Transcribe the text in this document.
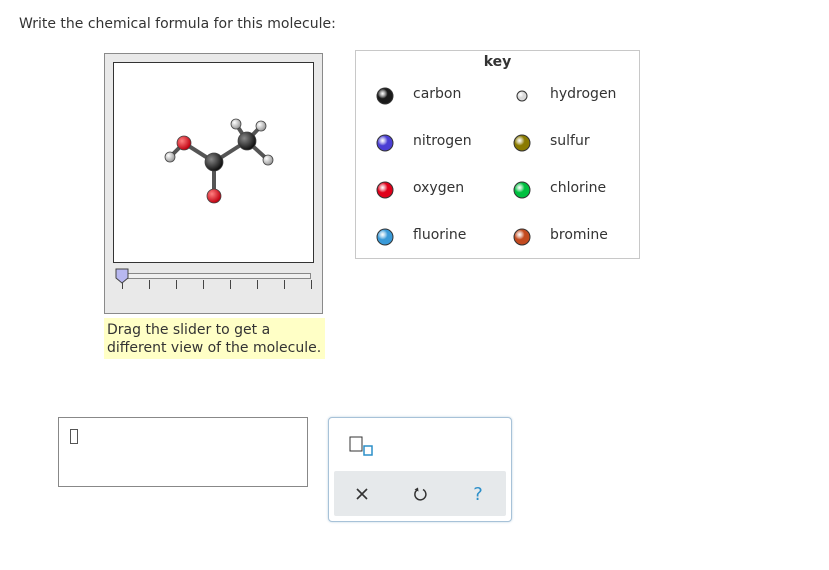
Write the chemical formula for this molecule:
Drag the slider to get a different view of the molecule.
key
carbon	hydrogen
nitrogen	sulfur
oxygen	chlorine
fluorine	bromine
?
